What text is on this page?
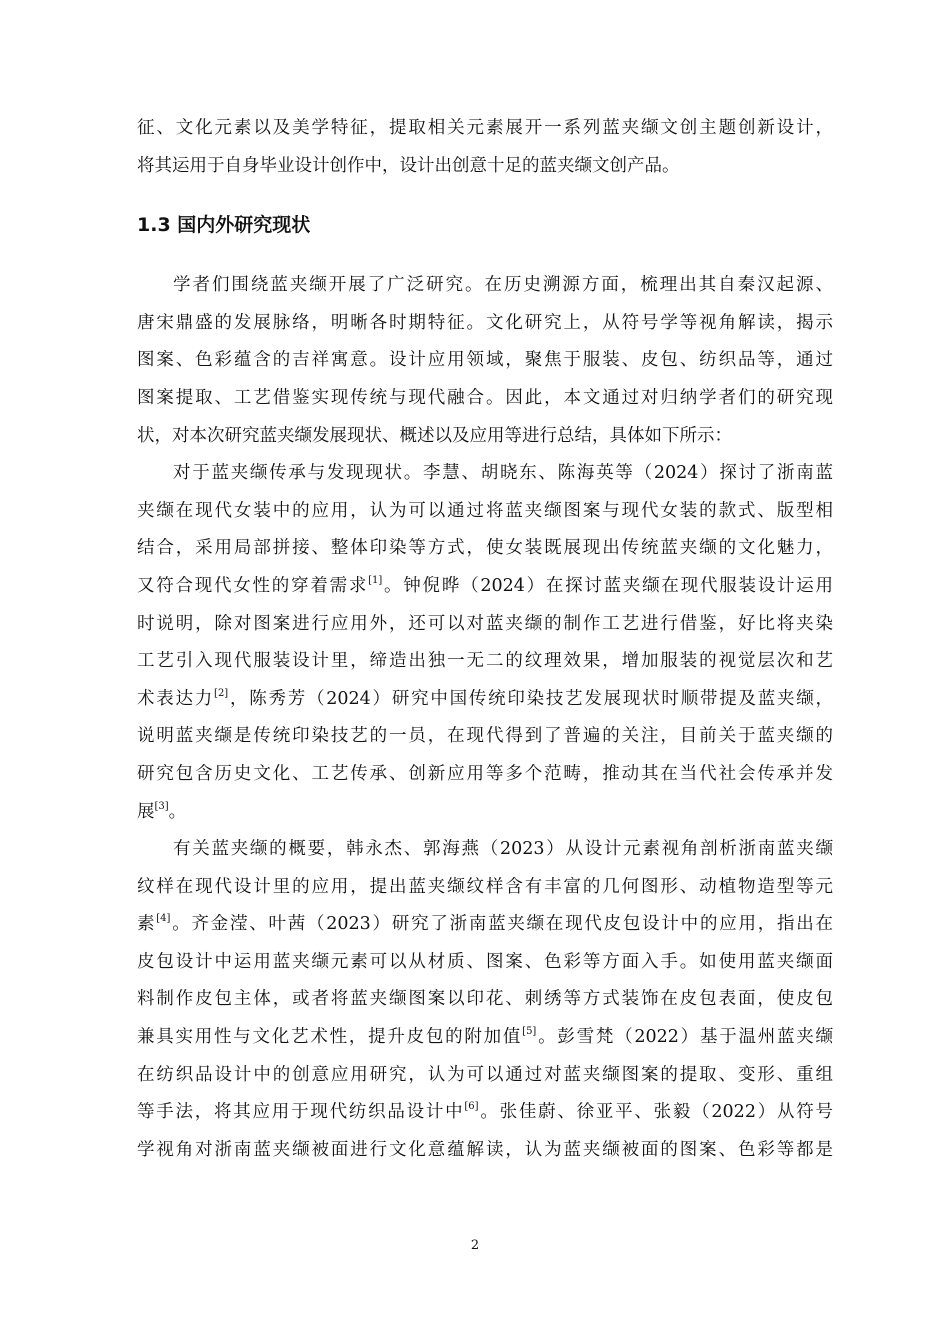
征、文化元素以及美学特征，提取相关元素展开一系列蓝夹缬文创主题创新设计，
将其运用于自身毕业设计创作中，设计出创意十足的蓝夹缬文创产品。
1.3 国内外研究现状
学者们围绕蓝夹缬开展了广泛研究。在历史溯源方面，梳理出其自秦汉起源、
唐宋鼎盛的发展脉络，明晰各时期特征。文化研究上，从符号学等视角解读，揭示
图案、色彩蕴含的吉祥寓意。设计应用领域，聚焦于服装、皮包、纺织品等，通过
图案提取、工艺借鉴实现传统与现代融合。因此，本文通过对归纳学者们的研究现
状，对本次研究蓝夹缬发展现状、概述以及应用等进行总结，具体如下所示：
对于蓝夹缬传承与发现现状。李慧、胡晓东、陈海英等（2024）探讨了浙南蓝
夹缬在现代女装中的应用，认为可以通过将蓝夹缬图案与现代女装的款式、版型相
结合，采用局部拼接、整体印染等方式，使女装既展现出传统蓝夹缬的文化魅力，
又符合现代女性的穿着需求[1]。钟倪晔（2024）在探讨蓝夹缬在现代服装设计运用
时说明，除对图案进行应用外，还可以对蓝夹缬的制作工艺进行借鉴，好比将夹染
工艺引入现代服装设计里，缔造出独一无二的纹理效果，增加服装的视觉层次和艺
术表达力[2]，陈秀芳（2024）研究中国传统印染技艺发展现状时顺带提及蓝夹缬，
说明蓝夹缬是传统印染技艺的一员，在现代得到了普遍的关注，目前关于蓝夹缬的
研究包含历史文化、工艺传承、创新应用等多个范畴，推动其在当代社会传承并发
展[3]。
有关蓝夹缬的概要，韩永杰、郭海燕（2023）从设计元素视角剖析浙南蓝夹缬
纹样在现代设计里的应用，提出蓝夹缬纹样含有丰富的几何图形、动植物造型等元
素[4]。齐金滢、叶茜（2023）研究了浙南蓝夹缬在现代皮包设计中的应用，指出在
皮包设计中运用蓝夹缬元素可以从材质、图案、色彩等方面入手。如使用蓝夹缬面
料制作皮包主体，或者将蓝夹缬图案以印花、刺绣等方式装饰在皮包表面，使皮包
兼具实用性与文化艺术性，提升皮包的附加值[5]。彭雪梵（2022）基于温州蓝夹缬
在纺织品设计中的创意应用研究，认为可以通过对蓝夹缬图案的提取、变形、重组
等手法，将其应用于现代纺织品设计中[6]。张佳蔚、徐亚平、张毅（2022）从符号
学视角对浙南蓝夹缬被面进行文化意蕴解读，认为蓝夹缬被面的图案、色彩等都是
2
